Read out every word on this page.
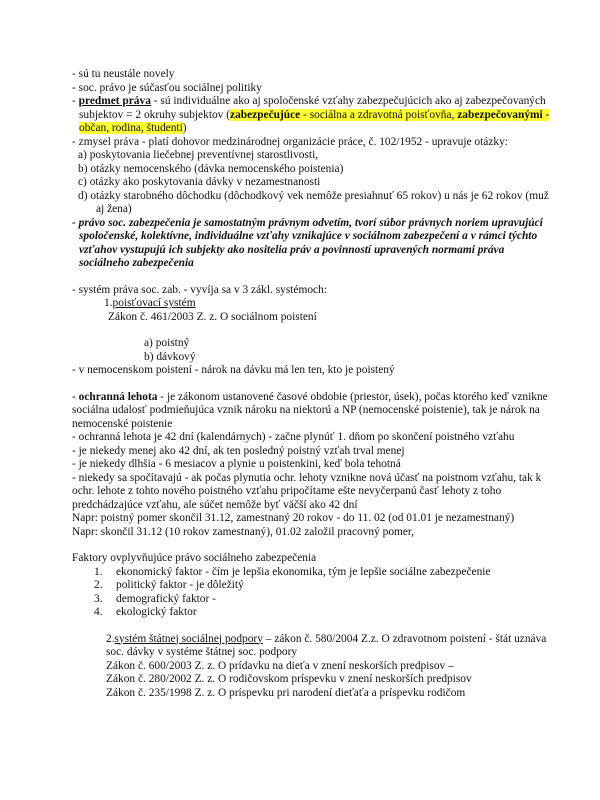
- sú tu neustále novely

- soc. právo je súčasťou sociálnej politiky

- predmet práva - sú individuálne ako aj spoločenské vzťahy zabezpečujúcich ako aj zabezpečovaných subjektov = 2 okruhy subjektov (zabezpečujúce - sociálna a zdravotná poisťovňa, zabezpečovanými - občan, rodina, študenti)

- zmysel práva - platí dohovor medzinárodnej organizácie práce, č. 102/1952 - upravuje otázky:

a) poskytovania liečebnej preventívnej starostlivosti,

b) otázky nemocenského (dávka nemocenského poistenia)

c) otázky ako poskytovania dávky v nezamestnanosti

d) otázky starobného dôchodku (dôchodkový vek nemôže presiahnuť 65 rokov) u nás je 62 rokov (muž aj žena)

- právo soc. zabezpečenia je samostatným právnym odvetím, tvorí súbor právnych noriem upravujúci spoločenské, kolektívne, individuálne vzťahy vznikajúce v sociálnom zabezpečení a v rámci týchto vzťahov vystupujú ich subjekty ako nositelia práv a povinností upravených normami práva sociálneho zabezpečenia

- systém práva soc. zab. - vyvíja sa v 3 zákl. systémoch:

1.poisťovací systém

Zákon č. 461/2003 Z. z. O sociálnom poistení

a) poistný

b) dávkový

- v nemocenskom poistení - nárok na dávku má len ten, kto je poistený

- ochranná lehota - je zákonom ustanovené časové obdobie (priestor, úsek), počas ktorého keď vznikne sociálna udalosť podmieňujúca vznik nároku na niektorú a NP (nemocenské poistenie), tak je nárok na nemocenské poistenie

- ochranná lehota je 42 dní (kalendárnych) - začne plynúť 1. dňom po skončení poistného vzťahu

- je niekedy menej ako 42 dní, ak ten posledný poistný vzťah trval menej

- je niekedy dlhšia - 6 mesiacov a plynie u poistenkini, keď bola tehotná

- niekedy sa spočítavajú - ak počas plynutia ochr. lehoty vznikne nová účasť na poistnom vzťahu, tak k ochr. lehote z tohto nového poistného vzťahu pripočítame ešte nevyčerpanú časť lehoty z toho predchádzajúce vzťahu, ale súčet nemôže byť väčší ako 42 dní

Napr: poistný pomer skončil 31.12, zamestnaný 20 rokov - do 11. 02 (od 01.01 je nezamestnaný)

Napr: skončil 31.12 (10 rokov zamestnaný), 01.02 založil pracovný pomer,

Faktory ovplyvňujúce právo sociálneho zabezpečenia

1.	ekonomický faktor - čím je lepšia ekonomika, tým je lepšie sociálne zabezpečenie
2.	politický faktor - je dôležitý
3.	demografický faktor -
4.	ekologický faktor

2.systém štátnej sociálnej podpory – zákon č. 580/2004 Z.z. O zdravotnom poistení - štát uznáva soc. dávky v systéme štátnej soc. podpory

Zákon č. 600/2003 Z. z. O prídavku na dieťa v znení neskorších predpisov –

Zákon č. 280/2002 Z. z. O rodičovskom príspevku v znení neskorších predpisov

Zákon č. 235/1998 Z. z. O príspevku pri narodení dieťaťa a príspevku rodičom
